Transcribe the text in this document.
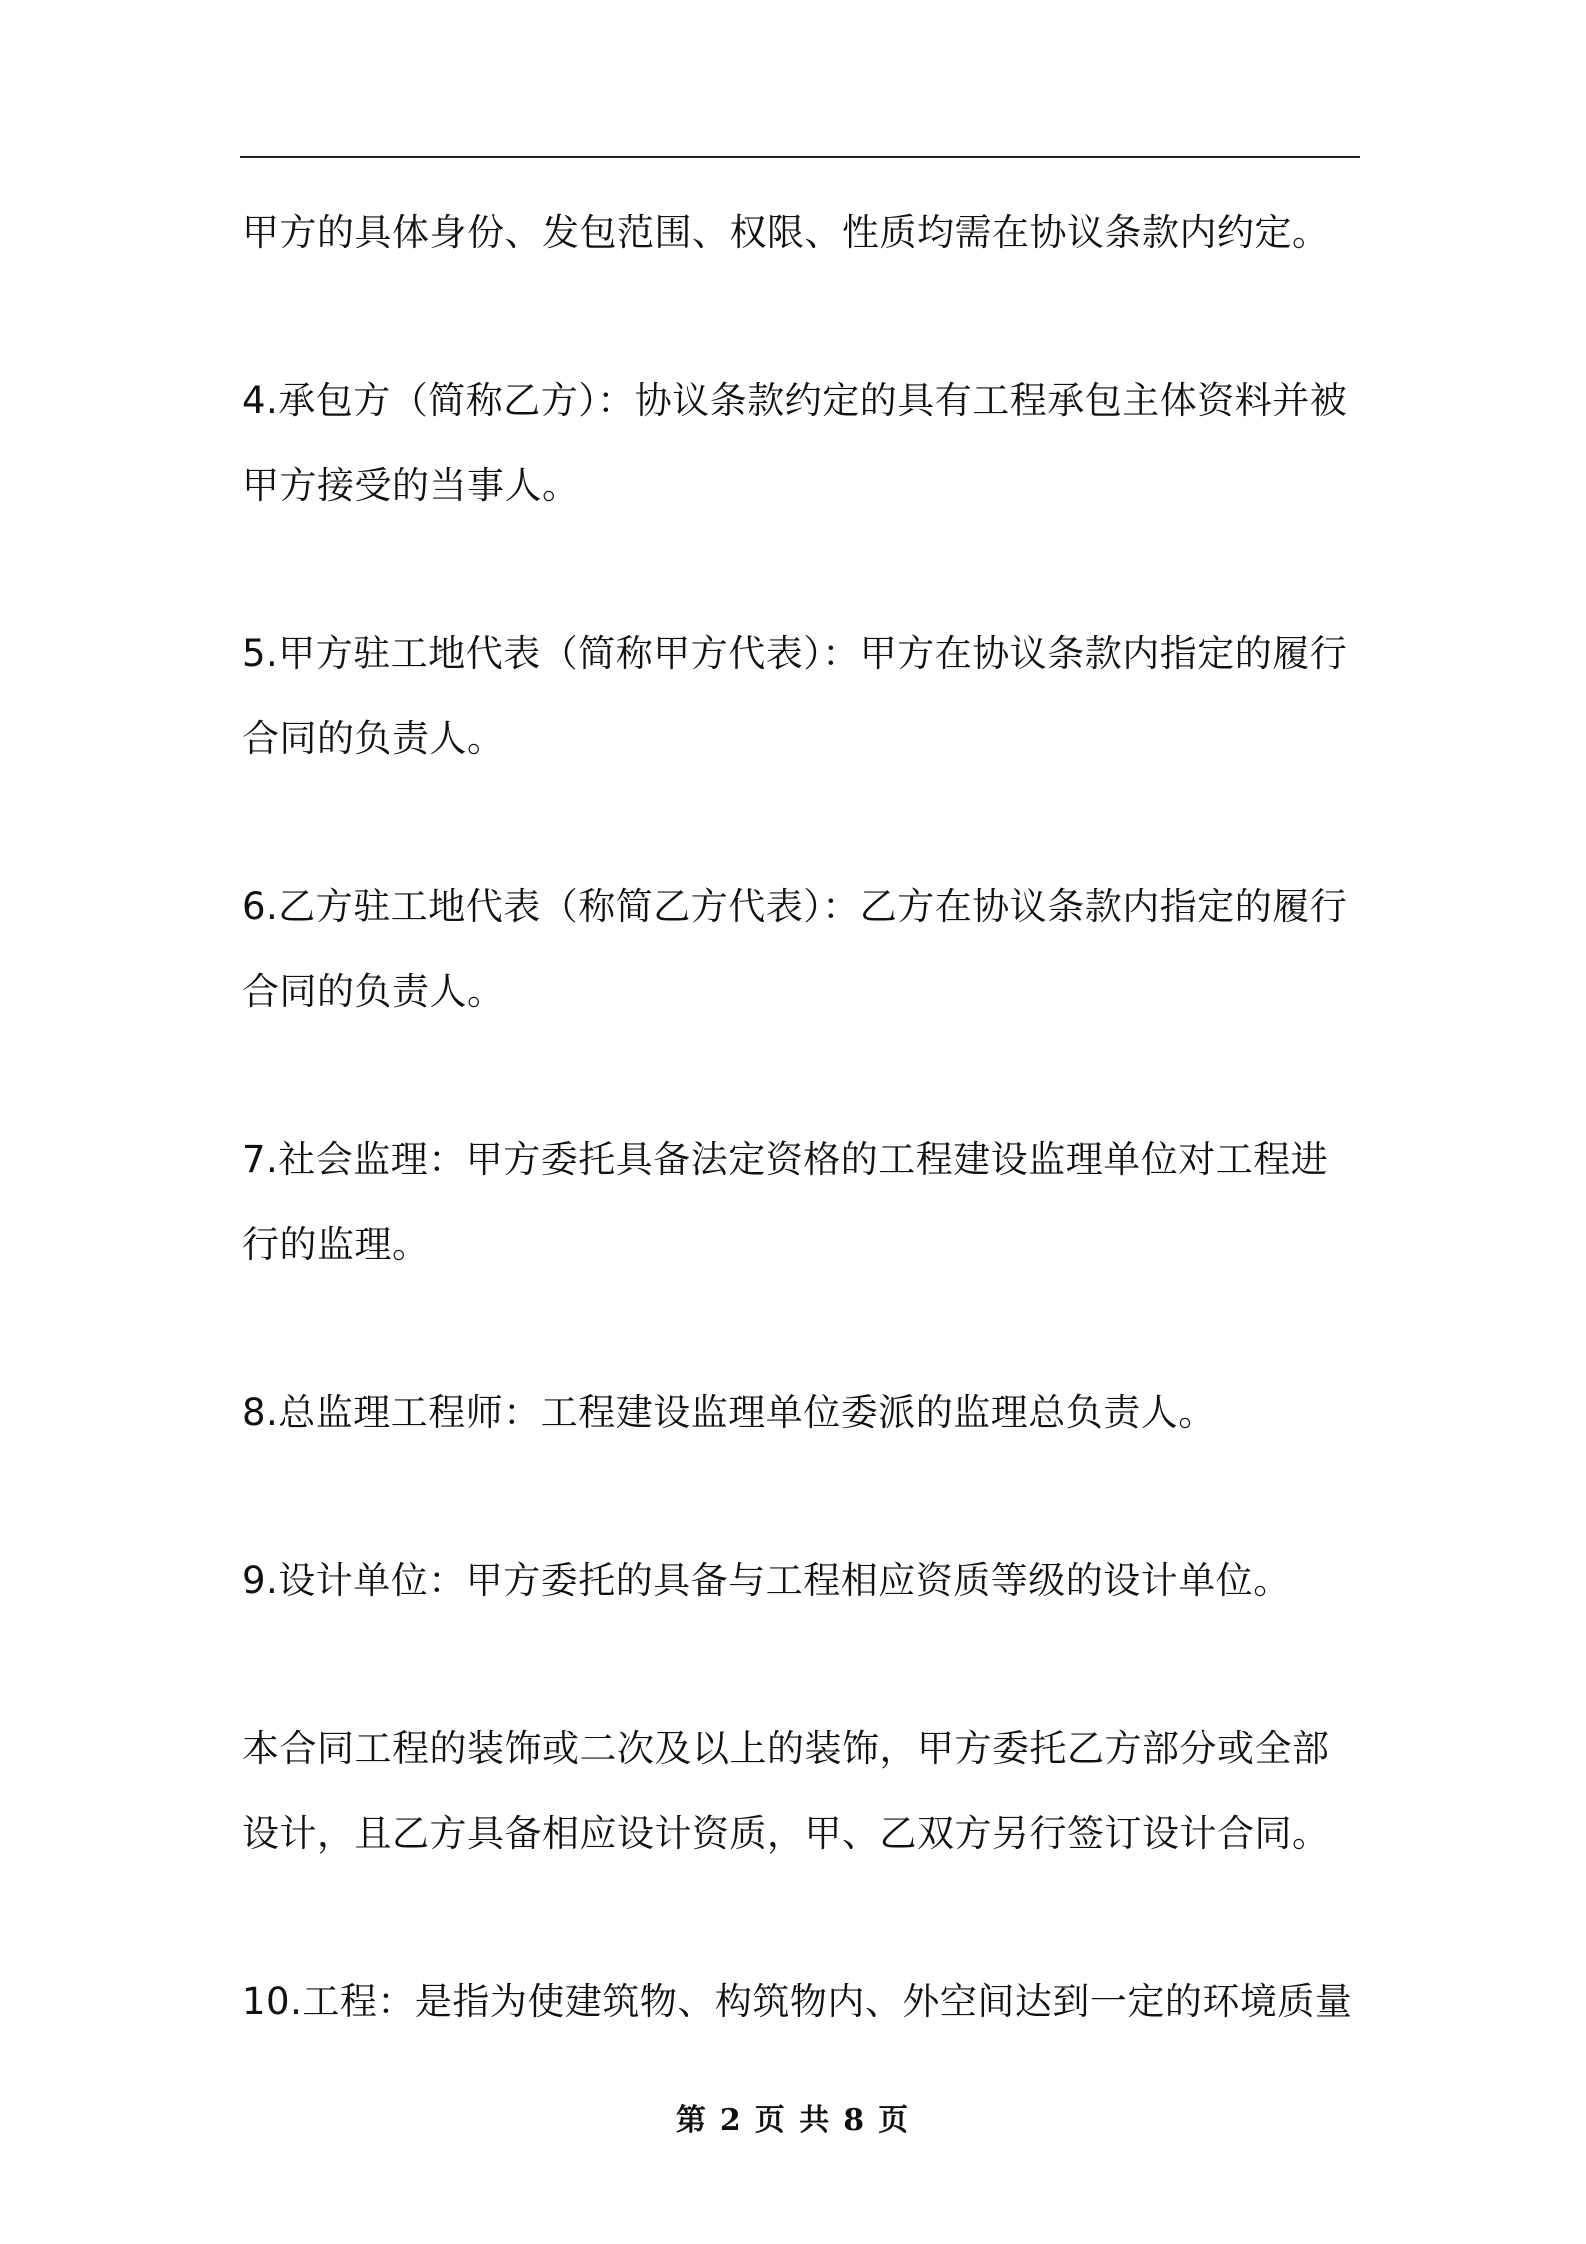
甲方的具体身份、发包范围、权限、性质均需在协议条款内约定。

4.承包方（简称乙方）：协议条款约定的具有工程承包主体资料并被甲方接受的当事人。

5.甲方驻工地代表（简称甲方代表）：甲方在协议条款内指定的履行合同的负责人。

6.乙方驻工地代表（称简乙方代表）：乙方在协议条款内指定的履行合同的负责人。

7.社会监理：甲方委托具备法定资格的工程建设监理单位对工程进行的监理。

8.总监理工程师：工程建设监理单位委派的监理总负责人。

9.设计单位：甲方委托的具备与工程相应资质等级的设计单位。

本合同工程的装饰或二次及以上的装饰，甲方委托乙方部分或全部设计，且乙方具备相应设计资质，甲、乙双方另行签订设计合同。

10.工程：是指为使建筑物、构筑物内、外空间达到一定的环境质量

第 2 页 共 8 页
